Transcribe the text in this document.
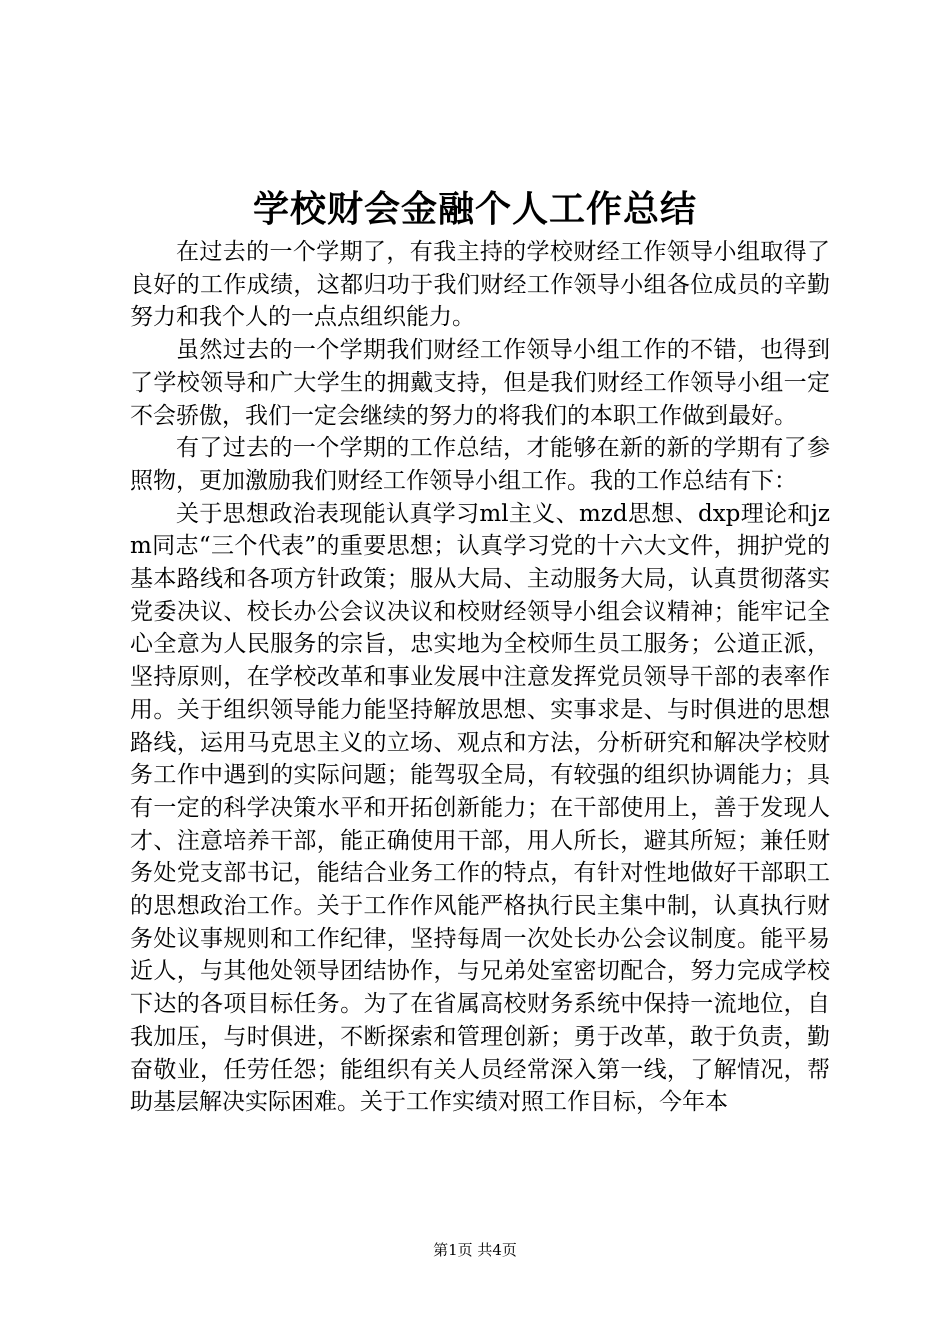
学校财会金融个人工作总结

在过去的一个学期了，有我主持的学校财经工作领导小组取得了良好的工作成绩，这都归功于我们财经工作领导小组各位成员的辛勤努力和我个人的一点点组织能力。

虽然过去的一个学期我们财经工作领导小组工作的不错，也得到了学校领导和广大学生的拥戴支持，但是我们财经工作领导小组一定不会骄傲，我们一定会继续的努力的将我们的本职工作做到最好。

有了过去的一个学期的工作总结，才能够在新的新的学期有了参照物，更加激励我们财经工作领导小组工作。我的工作总结有下：

关于思想政治表现能认真学习ml主义、mzd思想、dxp理论和jzm同志“三个代表”的重要思想；认真学习党的十六大文件，拥护党的基本路线和各项方针政策；服从大局、主动服务大局，认真贯彻落实党委决议、校长办公会议决议和校财经领导小组会议精神；能牢记全心全意为人民服务的宗旨，忠实地为全校师生员工服务；公道正派，坚持原则，在学校改革和事业发展中注意发挥党员领导干部的表率作用。关于组织领导能力能坚持解放思想、实事求是、与时俱进的思想路线，运用马克思主义的立场、观点和方法，分析研究和解决学校财务工作中遇到的实际问题；能驾驭全局，有较强的组织协调能力；具有一定的科学决策水平和开拓创新能力；在干部使用上，善于发现人才、注意培养干部，能正确使用干部，用人所长，避其所短；兼任财务处党支部书记，能结合业务工作的特点，有针对性地做好干部职工的思想政治工作。关于工作作风能严格执行民主集中制，认真执行财务处议事规则和工作纪律，坚持每周一次处长办公会议制度。能平易近人，与其他处领导团结协作，与兄弟处室密切配合，努力完成学校下达的各项目标任务。为了在省属高校财务系统中保持一流地位，自我加压，与时俱进，不断探索和管理创新；勇于改革，敢于负责，勤奋敬业，任劳任怨；能组织有关人员经常深入第一线，了解情况，帮助基层解决实际困难。关于工作实绩对照工作目标，今年本

第1页 共4页
